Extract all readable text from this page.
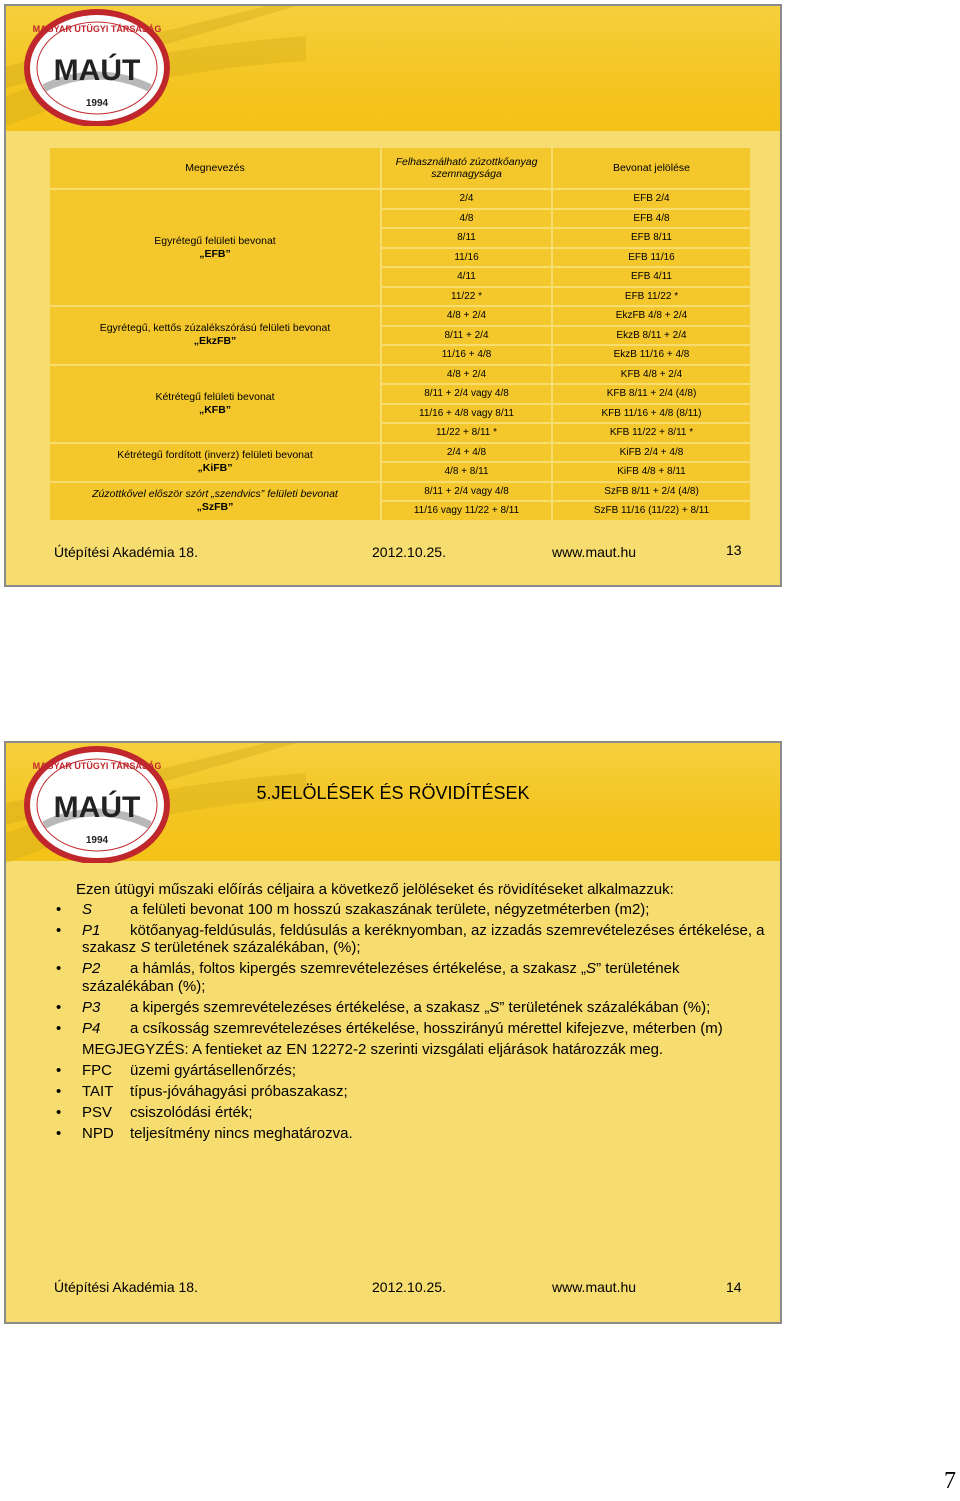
MAGYAR ÚTÜGYI TÁRSASÁG
MAÚT
1994
Megnevezés	Felhasználható zúzottkőanyag szemnagysága	Bevonat jelölése

Egyrétegű felületi bevonat
„EFB”	2/4	EFB 2/4
	4/8	EFB 4/8
	8/11	EFB 8/11
	11/16	EFB 11/16
	4/11	EFB 4/11
	11/22 *	EFB 11/22 *

Egyrétegű, kettős zúzalékszórású felületi bevonat
„EkzFB”	4/8 + 2/4	EkzFB 4/8 + 2/4
	8/11 + 2/4	EkzB 8/11 + 2/4
	11/16 + 4/8	EkzB 11/16 + 4/8

Kétrétegű felületi bevonat
„KFB”	4/8 + 2/4	KFB 4/8 + 2/4
	8/11 + 2/4 vagy 4/8	KFB 8/11 + 2/4 (4/8)
	11/16 + 4/8 vagy 8/11	KFB 11/16 + 4/8 (8/11)
	11/22 + 8/11 *	KFB 11/22 + 8/11 *

Kétrétegű fordított (inverz) felületi bevonat
„KiFB”	2/4 + 4/8	KiFB 2/4 + 4/8
	4/8 + 8/11	KiFB 4/8 + 8/11

Zúzottkővel először szórt „szendvics” felületi bevonat
„SzFB”	8/11 + 2/4 vagy 4/8	SzFB 8/11 + 2/4 (4/8)
	11/16 vagy 11/22 + 8/11	SzFB 11/16 (11/22) + 8/11
Útépítési Akadémia 18.	2012.10.25.	www.maut.hu	13
MAGYAR ÚTÜGYI TÁRSASÁG
MAÚT
1994
5.JELÖLÉSEK ÉS RÖVIDÍTÉSEK
Ezen útügyi műszaki előírás céljaira a következő jelöléseket és rövidítéseket alkalmazzuk:
• S	a felületi bevonat 100 m hosszú szakaszának területe, négyzetméterben (m2);
• P1 kötőanyag-feldúsulás, feldúsulás a keréknyomban, az izzadás szemrevételezéses értékelése, a szakasz S területének százalékában, (%);
• P2 a hámlás, foltos kipergés szemrevételezéses értékelése, a szakasz „S” területének százalékában (%);
• P3 a kipergés szemrevételezéses értékelése, a szakasz „S” területének százalékában (%);
• P4 a csíkosság szemrevételezéses értékelése, hosszirányú mérettel kifejezve, méterben (m)
MEGJEGYZÉS: A fentieket az EN 12272-2 szerinti vizsgálati eljárások határozzák meg.
• FPC üzemi gyártásellenőrzés;
• TAIT típus-jóváhagyási próbaszakasz;
• PSV csiszolódási érték;
• NPD teljesítmény nincs meghatározva.
Útépítési Akadémia 18.	2012.10.25.	www.maut.hu	14
7
